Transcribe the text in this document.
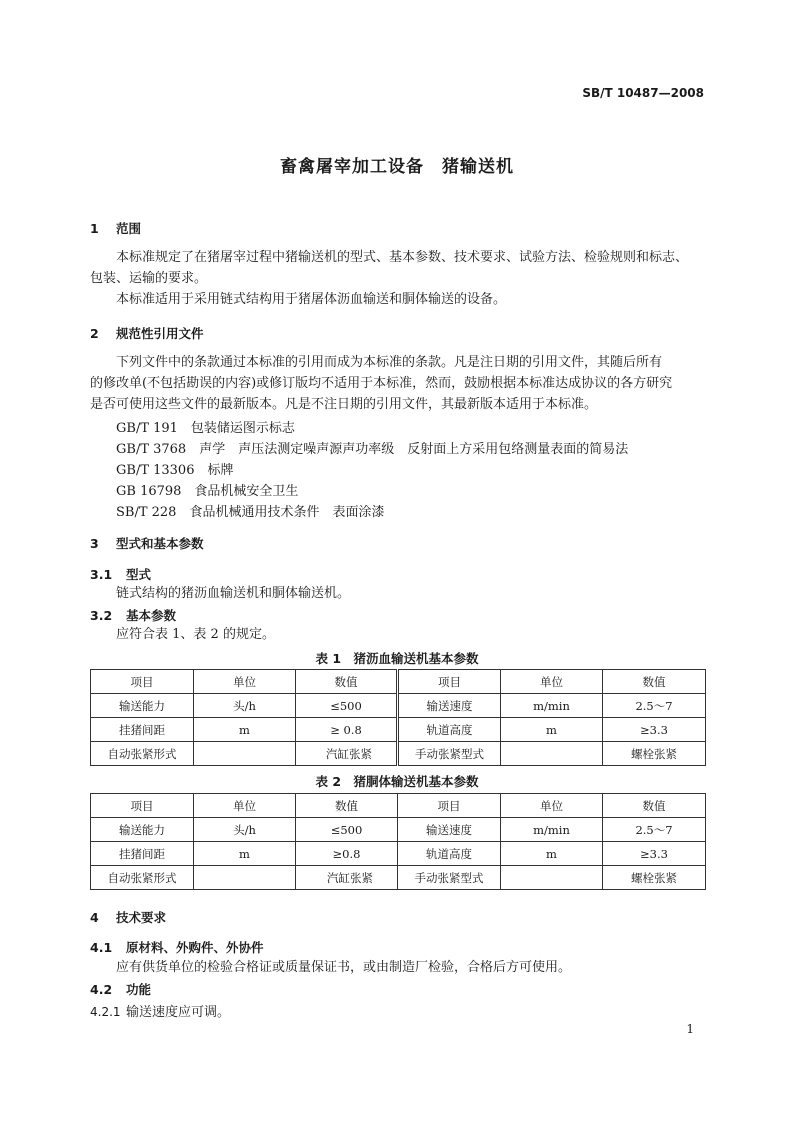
SB/T 10487—2008
畜禽屠宰加工设备　猪输送机
1 范围
本标准规定了在猪屠宰过程中猪输送机的型式、基本参数、技术要求、试验方法、检验规则和标志、
包装、运输的要求。
本标准适用于采用链式结构用于猪屠体沥血输送和胴体输送的设备。
2 规范性引用文件
下列文件中的条款通过本标准的引用而成为本标准的条款。凡是注日期的引用文件，其随后所有
的修改单(不包括勘误的内容)或修订版均不适用于本标准，然而，鼓励根据本标准达成协议的各方研究
是否可使用这些文件的最新版本。凡是不注日期的引用文件，其最新版本适用于本标准。
GB/T 191　包装储运图示标志
GB/T 3768　声学　声压法测定噪声源声功率级　反射面上方采用包络测量表面的简易法
GB/T 13306　标牌
GB 16798　食品机械安全卫生
SB/T 228　食品机械通用技术条件　表面涂漆
3 型式和基本参数
3.1 型式
链式结构的猪沥血输送机和胴体输送机。
3.2 基本参数
应符合表 1、表 2 的规定。
表 1　猪沥血输送机基本参数
项目	单位	数值	项目	单位	数值
输送能力	头/h	≤500	输送速度	m/min	2.5～7
挂猪间距	m	≥ 0.8	轨道高度	m	≥3.3
自动张紧形式		汽缸张紧	手动张紧型式		螺栓张紧
表 2　猪胴体输送机基本参数
项目	单位	数值	项目	单位	数值
输送能力	头/h	≤500	输送速度	m/min	2.5～7
挂猪间距	m	≥0.8	轨道高度	m	≥3.3
自动张紧形式		汽缸张紧	手动张紧型式		螺栓张紧
4 技术要求
4.1 原材料、外购件、外协件
应有供货单位的检验合格证或质量保证书，或由制造厂检验，合格后方可使用。
4.2 功能
4.2.1 输送速度应可调。
1
